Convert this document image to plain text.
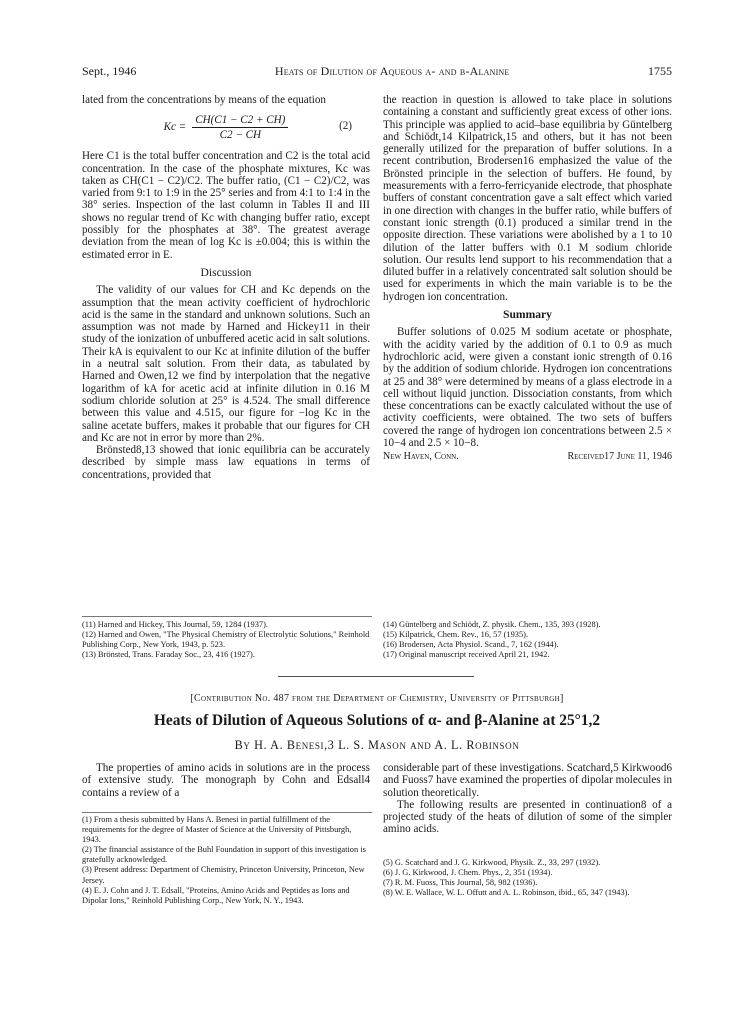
Sept., 1946	Heats of Dilution of Aqueous α- and β-Alanine	1755

lated from the concentrations by means of the equation

$Kc = \frac{CH(C1 - C2 + CH)}{C2 - CH}$	(2)

Here C1 is the total buffer concentration and C2 is the total acid concentration. In the case of the phosphate mixtures, Kc was taken as CH(C1 − C2)/C2. The buffer ratio, (C1 − C2)/C2, was varied from 9:1 to 1:9 in the 25° series and from 4:1 to 1:4 in the 38° series. Inspection of the last column in Tables II and III shows no regular trend of Kc with changing buffer ratio, except possibly for the phosphates at 38°. The greatest average deviation from the mean of log Kc is ±0.004; this is within the estimated error in E.

Discussion

The validity of our values for CH and Kc depends on the assumption that the mean activity coefficient of hydrochloric acid is the same in the standard and unknown solutions. Such an assumption was not made by Harned and Hickey11 in their study of the ionization of unbuffered acetic acid in salt solutions. Their kA is equivalent to our Kc at infinite dilution of the buffer in a neutral salt solution. From their data, as tabulated by Harned and Owen,12 we find by interpolation that the negative logarithm of kA for acetic acid at infinite dilution in 0.16 M sodium chloride solution at 25° is 4.524. The small difference between this value and 4.515, our figure for −log Kc in the saline acetate buffers, makes it probable that our figures for CH and Kc are not in error by more than 2%.

Brönsted8,13 showed that ionic equilibria can be accurately described by simple mass law equations in terms of concentrations, provided that

the reaction in question is allowed to take place in solutions containing a constant and sufficiently great excess of other ions. This principle was applied to acid–base equilibria by Güntelberg and Schiödt,14 Kilpatrick,15 and others, but it has not been generally utilized for the preparation of buffer solutions. In a recent contribution, Brodersen16 emphasized the value of the Brönsted principle in the selection of buffers. He found, by measurements with a ferro-ferricyanide electrode, that phosphate buffers of constant concentration gave a salt effect which varied in one direction with changes in the buffer ratio, while buffers of constant ionic strength (0.1) produced a similar trend in the opposite direction. These variations were abolished by a 1 to 10 dilution of the latter buffers with 0.1 M sodium chloride solution. Our results lend support to his recommendation that a diluted buffer in a relatively concentrated salt solution should be used for experiments in which the main variable is to be the hydrogen ion concentration.

Summary

Buffer solutions of 0.025 M sodium acetate or phosphate, with the acidity varied by the addition of 0.1 to 0.9 as much hydrochloric acid, were given a constant ionic strength of 0.16 by the addition of sodium chloride. Hydrogen ion concentrations at 25 and 38° were determined by means of a glass electrode in a cell without liquid junction. Dissociation constants, from which these concentrations can be exactly calculated without the use of activity coefficients, were obtained. The two sets of buffers covered the range of hydrogen ion concentrations between 2.5 × 10−4 and 2.5 × 10−8.

New Haven, Conn.	Received17 June 11, 1946

(11) Harned and Hickey, This Journal, 59, 1284 (1937).

(12) Harned and Owen, "The Physical Chemistry of Electrolytic Solutions," Reinhold Publishing Corp., New York, 1943, p. 523.

(13) Brönsted, Trans. Faraday Soc., 23, 416 (1927).

(14) Güntelberg and Schiödt, Z. physik. Chem., 135, 393 (1928).

(15) Kilpatrick, Chem. Rev., 16, 57 (1935).

(16) Brodersen, Acta Physiol. Scand., 7, 162 (1944).

(17) Original manuscript received April 21, 1942.

[Contribution No. 487 from the Department of Chemistry, University of Pittsburgh]
Heats of Dilution of Aqueous Solutions of α- and β-Alanine at 25°1,2
By H. A. Benesi,3 L. S. Mason and A. L. Robinson

The properties of amino acids in solutions are in the process of extensive study. The monograph by Cohn and Edsall4 contains a review of a

considerable part of these investigations. Scatchard,5 Kirkwood6 and Fuoss7 have examined the properties of dipolar molecules in solution theoretically.

The following results are presented in continuation8 of a projected study of the heats of dilution of some of the simpler amino acids.

(1) From a thesis submitted by Hans A. Benesi in partial fulfillment of the requirements for the degree of Master of Science at the University of Pittsburgh, 1943.

(2) The financial assistance of the Buhl Foundation in support of this investigation is gratefully acknowledged.

(3) Present address: Department of Chemistry, Princeton University, Princeton, New Jersey.

(4) E. J. Cohn and J. T. Edsall, "Proteins, Amino Acids and Peptides as Ions and Dipolar Ions," Reinhold Publishing Corp., New York, N. Y., 1943.

(5) G. Scatchard and J. G. Kirkwood, Physik. Z., 33, 297 (1932).

(6) J. G. Kirkwood, J. Chem. Phys., 2, 351 (1934).

(7) R. M. Fuoss, This Journal, 58, 982 (1936).

(8) W. E. Wallace, W. L. Offutt and A. L. Robinson, ibid., 65, 347 (1943).
